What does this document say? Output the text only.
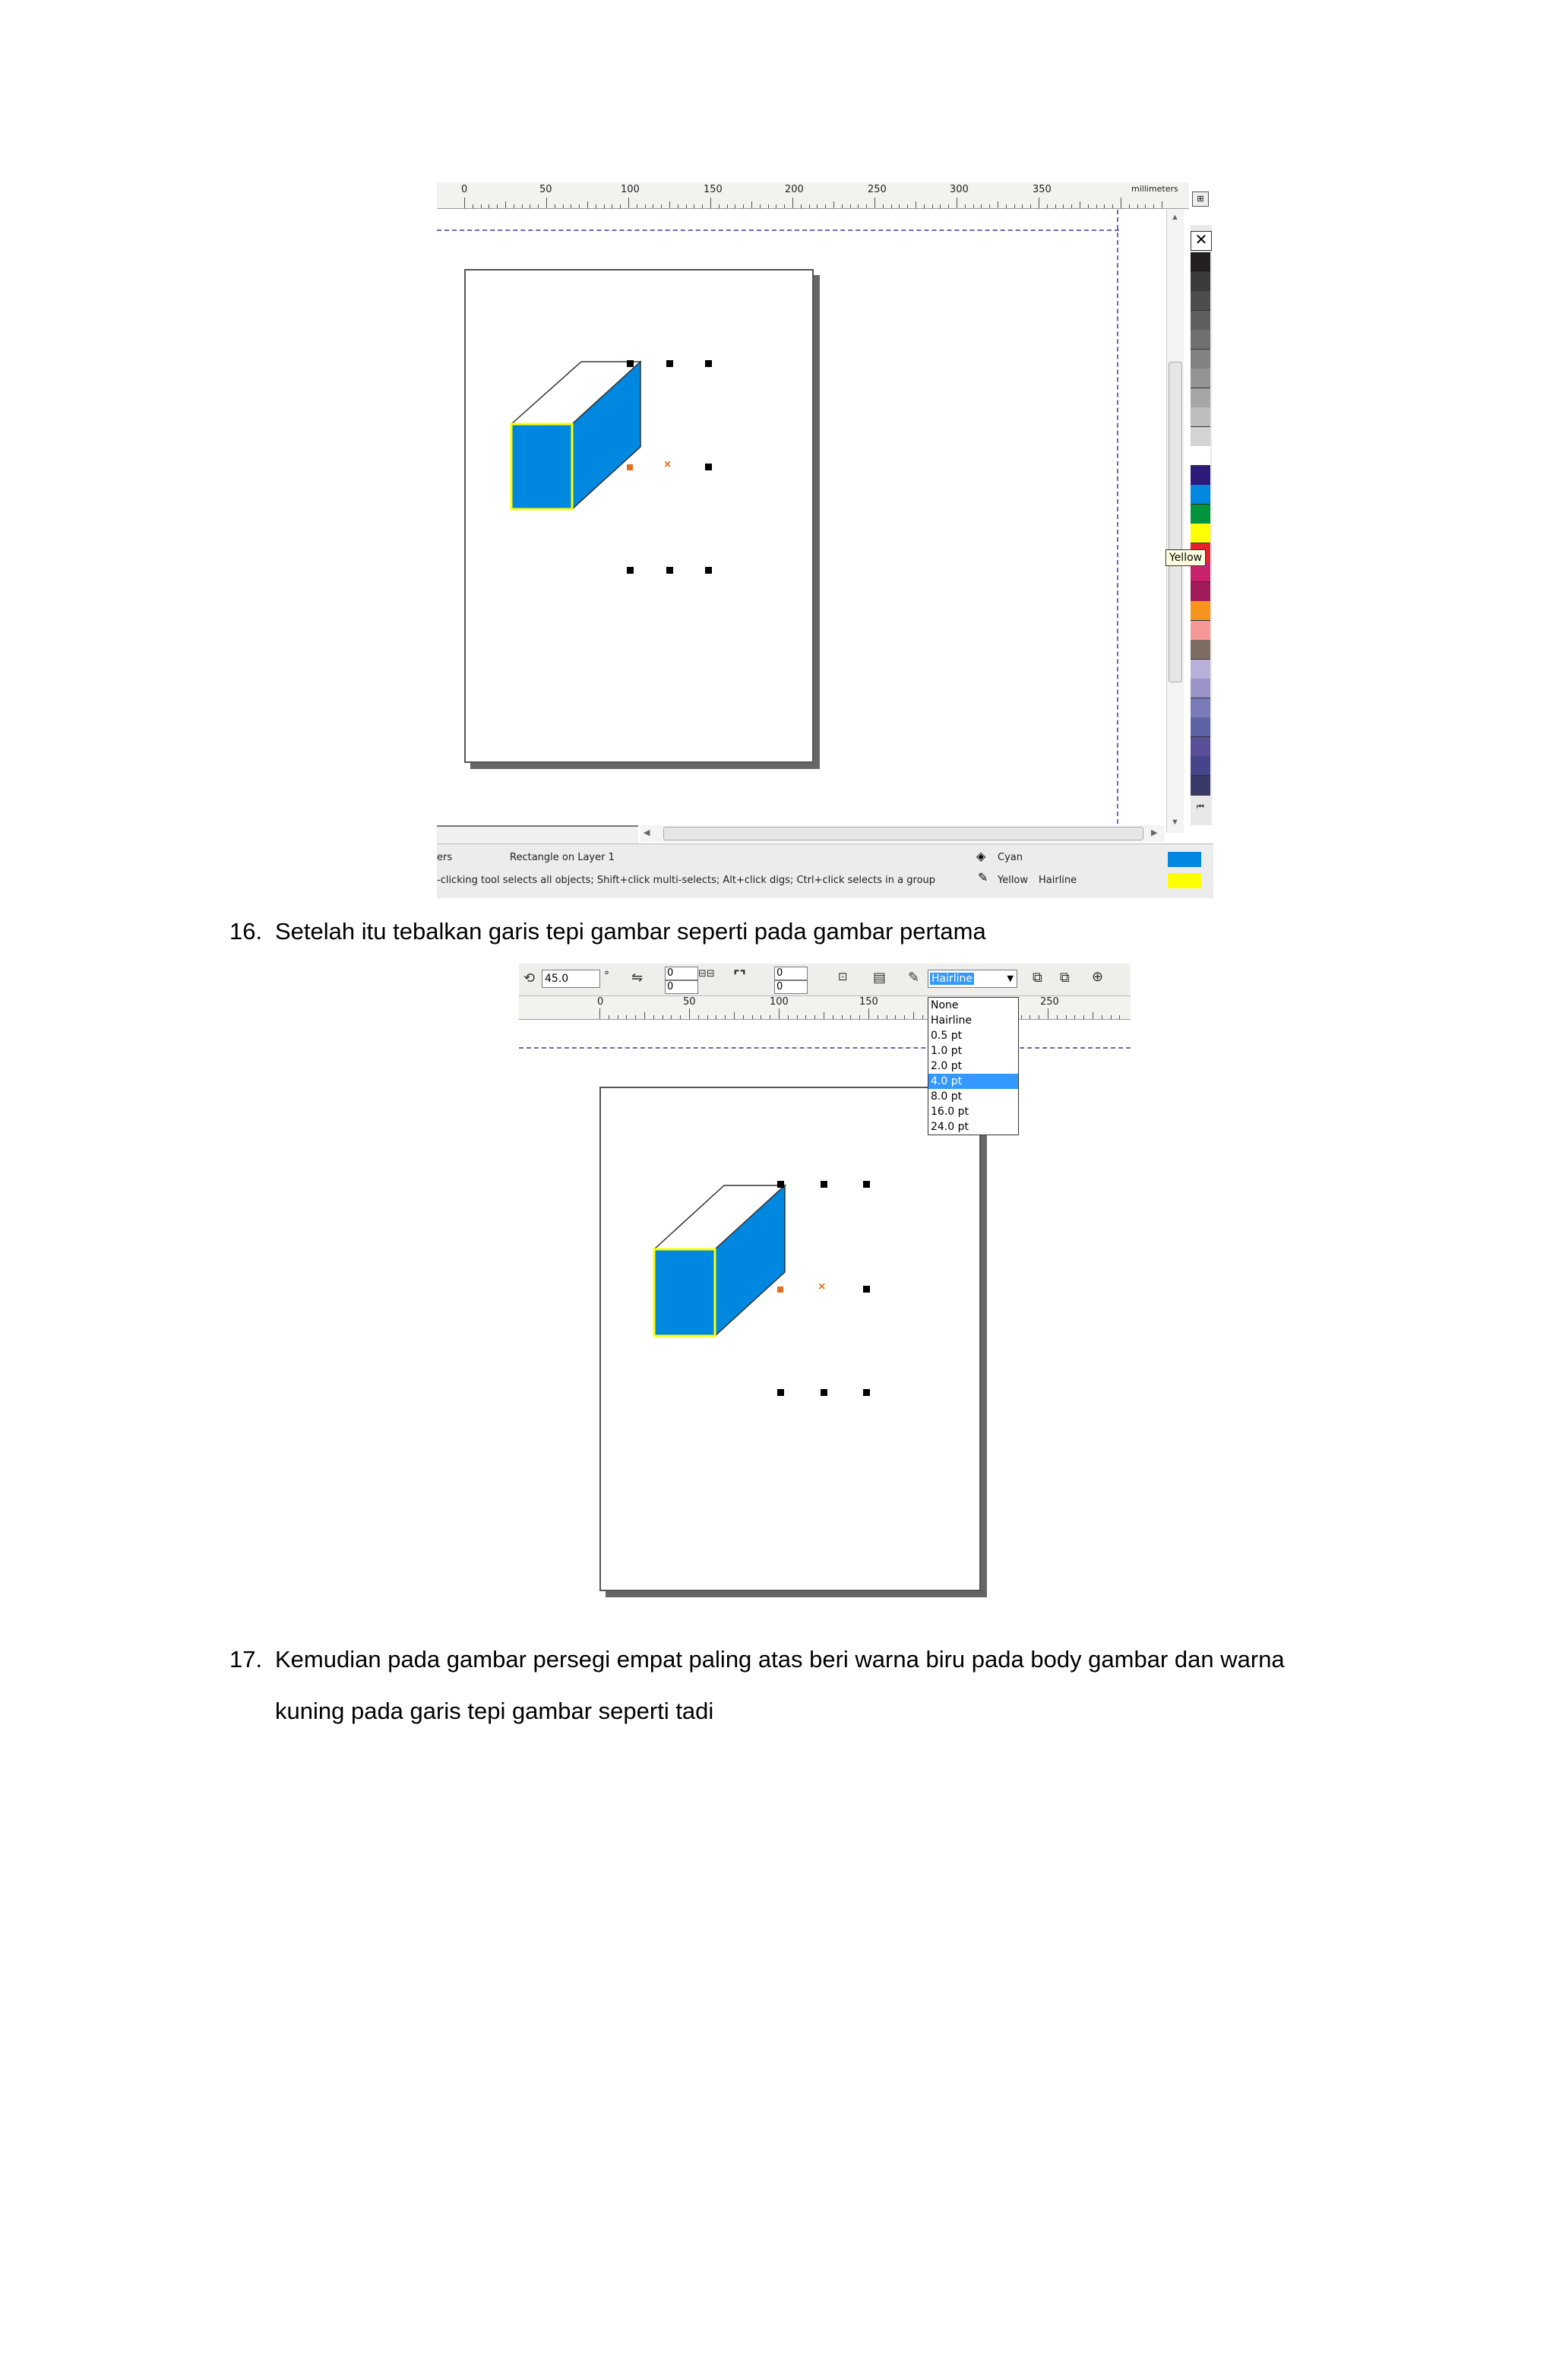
0	50	100	150	200	250	300	350	millimeters
⊞
×
▲
▼
✕
⏮
Yellow
◀	▶
ers	Rectangle on Layer 1
-clicking tool selects all objects; Shift+click multi-selects; Alt+click digs; Ctrl+click selects in a group
◈ Cyan
✎ Yellow Hairline
16. Setelah itu tebalkan garis tepi gambar seperti pada gambar pertama
⟲ 45.0	° ⇋ 0
0
⊟⊟ ⌜⌝	0
0
⊡ ▤ ✎	Hairline	▼ ⧉ ⧉ ⊕
0	50	100	150	250
None
Hairline
0.5 pt
1.0 pt
2.0 pt
4.0 pt
8.0 pt
16.0 pt
24.0 pt
×
17. Kemudian pada gambar persegi empat paling atas beri warna biru pada body gambar dan warna
kuning pada garis tepi gambar seperti tadi
